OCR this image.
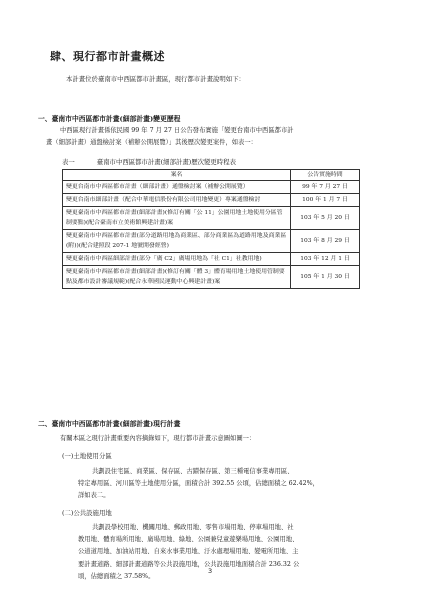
肆、現行都市計畫概述
本計畫位於臺南市中西區都市計畫區，現行都市計畫說明如下：
一、臺南市中西區都市計畫(細部計畫)變更歷程
中西區現行計畫係依民國 99 年 7 月 27 日公告發布實施「變更台南市中西區都市計
畫（細部計畫）通盤檢討案（補辦公開展覽）」其後歷次變更案件，如表一：
表一	臺南市中西區都市計畫(細部計畫)歷次變更時程表
案名	公告實施時間
變更台南市中西區都市計畫（細部計畫）通盤檢討案（補辦公開展覽）	99 年 7 月 27 日
變更台南市細部計畫（配合中華電信股份有限公司用地變更）專案通盤檢討	100 年 1 月 7 日
變更臺南市中西區都市計畫(細部計畫)(修訂有關「公 11」公園用地土地使用分區管制要點)(配合臺南市立美術館興建計畫)案	103 年 5 月 20 日
變更臺南市中西區都市計畫(部分道路用地為商業區、部分商業區為道路用地及商業區(附))(配合建照段 207-1 地號開發經營)	103 年 8 月 29 日
變更臺南市中西區細部計畫(部分「廣 C2」廣場用地為「社 C1」社教用地)	103 年 12 月 1 日
變更臺南市中西區都市計畫(細部計畫)(修訂有關「體 3」體育場用地土地使用管制要點及都市設計審議規範)(配合永華國民運動中心興建計畫)案	105 年 1 月 30 日
二、臺南市中西區都市計畫(細部計畫)現行計畫
有關本區之現行計畫重要內容摘錄如下，現行都市計畫示意圖如圖一：
(一)土地使用分區
共劃設住宅區、商業區、保存區、古蹟保存區、第三種電信事業專用區、
特定專用區、河川區等土地使用分區，面積合計 392.55 公頃，佔總面積之 62.42%，
詳如表二。
(二)公共設施用地
共劃設學校用地、機關用地、郵政用地、零售市場用地、停車場用地、社
教用地、體育場所用地、廣場用地、綠地、公園兼兒童遊樂場用地、公園用地、
公道道用地、加油站用地、自來水事業用地、汙水處理場用地、變電所用地、主
要計畫道路、細部計畫道路等公共設施用地，公共設施用地面積合計 236.32 公
頃，佔總面積之 37.58%。
3
